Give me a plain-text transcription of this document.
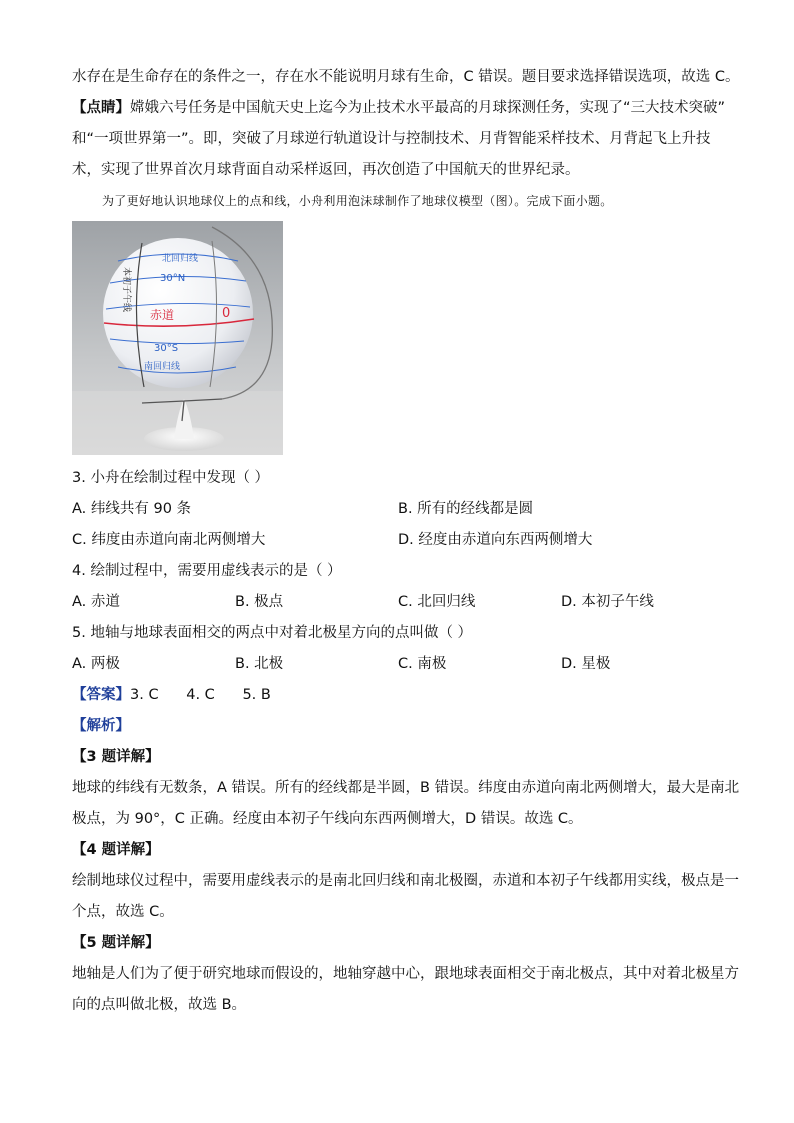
水存在是生命存在的条件之一，存在水不能说明月球有生命，C 错误。题目要求选择错误选项，故选 C。
【点睛】嫦娥六号任务是中国航天史上迄今为止技术水平最高的月球探测任务，实现了“三大技术突破”
和“一项世界第一”。即，突破了月球逆行轨道设计与控制技术、月背智能采样技术、月背起飞上升技
术，实现了世界首次月球背面自动采样返回，再次创造了中国航天的世界纪录。
为了更好地认识地球仪上的点和线，小舟利用泡沫球制作了地球仪模型（图）。完成下面小题。
北回归线
30°N
赤道	0
30°S
南回归线
本初子午线
3. 小舟在绘制过程中发现（ ）
A. 纬线共有 90 条	B. 所有的经线都是圆
C. 纬度由赤道向南北两侧增大	D. 经度由赤道向东西两侧增大
4. 绘制过程中，需要用虚线表示的是（ ）
A. 赤道	B. 极点	C. 北回归线	D. 本初子午线
5. 地轴与地球表面相交的两点中对着北极星方向的点叫做（ ）
A. 两极	B. 北极	C. 南极	D. 星极
【答案】3. C      4. C      5. B
【解析】
【3 题详解】
地球的纬线有无数条，A 错误。所有的经线都是半圆，B 错误。纬度由赤道向南北两侧增大，最大是南北
极点，为 90°，C 正确。经度由本初子午线向东西两侧增大，D 错误。故选 C。
【4 题详解】
绘制地球仪过程中，需要用虚线表示的是南北回归线和南北极圈，赤道和本初子午线都用实线，极点是一
个点，故选 C。
【5 题详解】
地轴是人们为了便于研究地球而假设的，地轴穿越中心，跟地球表面相交于南北极点，其中对着北极星方
向的点叫做北极，故选 B。
